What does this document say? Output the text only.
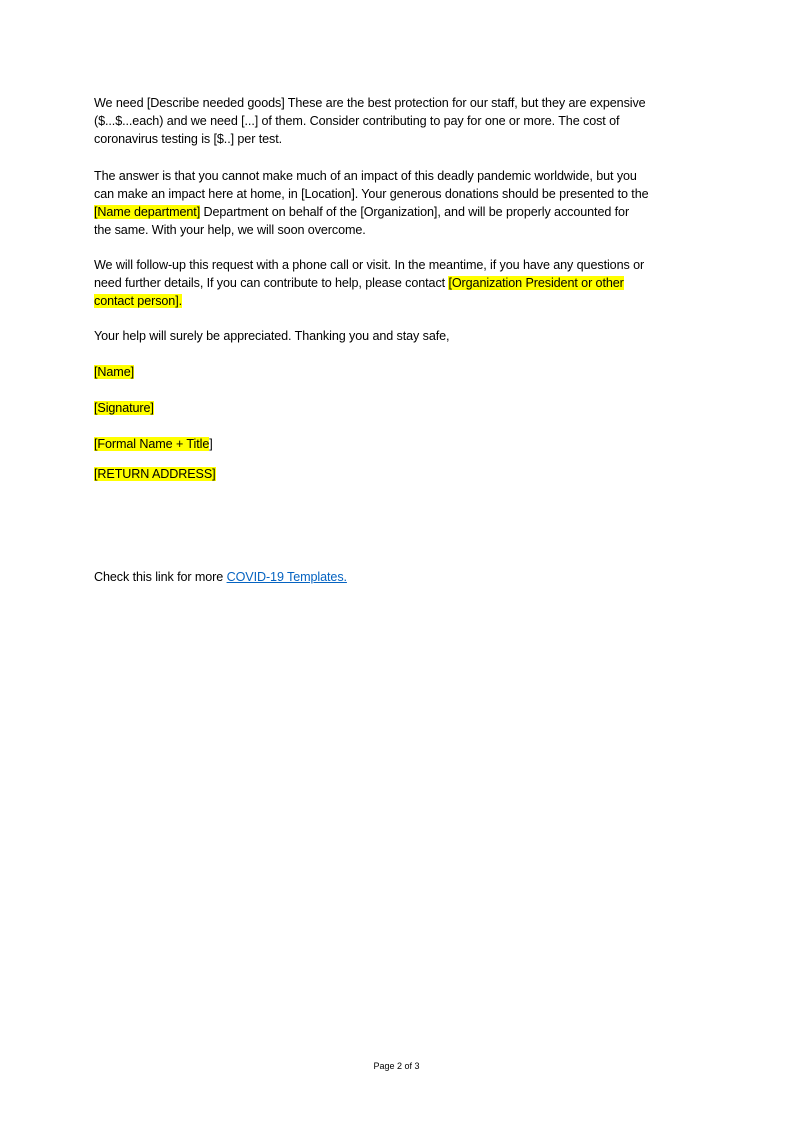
We need [Describe needed goods] These are the best protection for our staff, but they are expensive
($...$...each) and we need [...] of them. Consider contributing to pay for one or more. The cost of
coronavirus testing is [$..] per test.
The answer is that you cannot make much of an impact of this deadly pandemic worldwide, but you
can make an impact here at home, in [Location]. Your generous donations should be presented to the
[Name department] Department on behalf of the [Organization], and will be properly accounted for
the same. With your help, we will soon overcome.
We will follow-up this request with a phone call or visit. In the meantime, if you have any questions or
need further details, If you can contribute to help, please contact [Organization President or other
contact person].
Your help will surely be appreciated. Thanking you and stay safe,
[Name]
[Signature]
[Formal Name + Title]
[RETURN ADDRESS]
Check this link for more COVID-19 Templates.
Page 2 of 3
